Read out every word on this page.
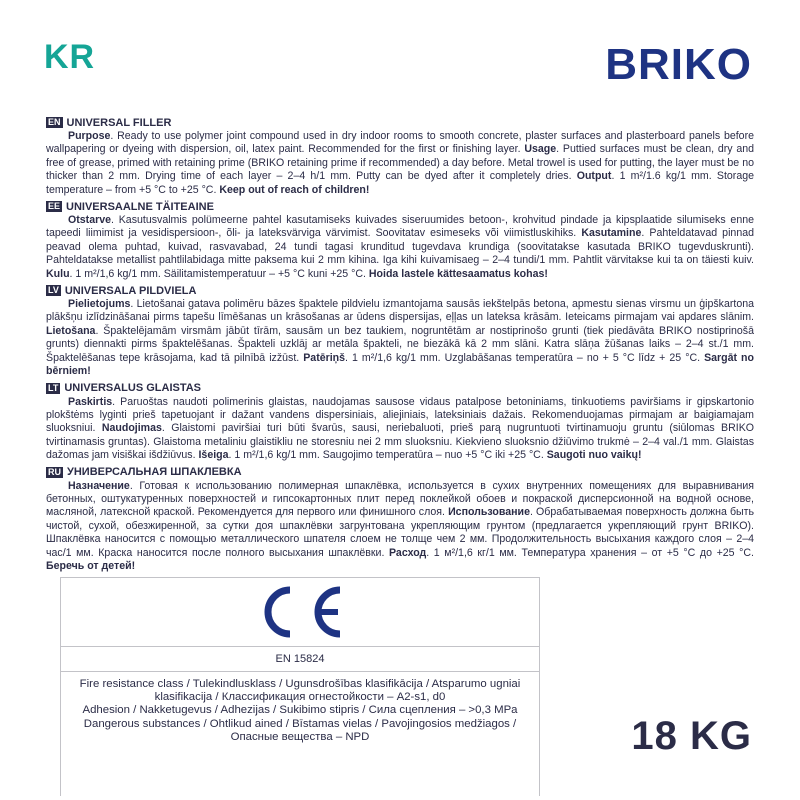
KR	BRIKO
EN UNIVERSAL FILLER
Purpose. Ready to use polymer joint compound used in dry indoor rooms to smooth concrete, plaster surfaces and plasterboard panels before wallpapering or dyeing with dispersion, oil, latex paint. Recommended for the first or finishing layer. Usage. Puttied surfaces must be clean, dry and free of grease, primed with retaining prime (BRIKO retaining prime if recommended) a day before. Metal trowel is used for putting, the layer must be no thicker than 2 mm. Drying time of each layer – 2–4 h/1 mm. Putty can be dyed after it completely dries. Output. 1 m²/1.6 kg/1 mm. Storage temperature – from +5 °C to +25 °C. Keep out of reach of children!
EE UNIVERSAALNE TÄITEAINE
Otstarve. Kasutusvalmis polümeerne pahtel kasutamiseks kuivades siseruumides betoon-, krohvitud pindade ja kipsplaatide silumiseks enne tapeedi liimimist ja vesidispersioon-, õli- ja lateksvärviga värvimist. Soovitatav esimeseks või viimistluskihiks. Kasutamine. Pahteldatavad pinnad peavad olema puhtad, kuivad, rasvavabad, 24 tundi tagasi krunditud tugevdava krundiga (soovitatakse kasutada BRIKO tugevduskrunti). Pahteldatakse metallist pahtlilabidaga mitte paksema kui 2 mm kihina. Iga kihi kuivamisaeg – 2–4 tundi/1 mm. Pahtlit värvitakse kui ta on täiesti kuiv. Kulu. 1 m²/1,6 kg/1 mm. Säilitamistemperatuur – +5 °C kuni +25 °C. Hoida lastele kättesaamatus kohas!
LV UNIVERSALA PILDVIELA
Pielietojums. Lietošanai gatava polimēru bāzes špaktele pildvielu izmantojama sausās iekštelpās betona, apmestu sienas virsmu un ģipškartona plākšņu izlīdzināšanai pirms tapešu līmēšanas un krāsošanas ar ūdens dispersijas, eļļas un lateksa krāsām. Ieteicams pirmajam vai apdares slānim. Lietošana. Špaktelējamām virsmām jābūt tīrām, sausām un bez taukiem, nogruntētām ar nostiprinošo grunti (tiek piedāvāta BRIKO nostiprinošā grunts) diennakti pirms špaktelēšanas. Špakteli uzklāj ar metāla špakteli, ne biezākā kā 2 mm slāni. Katra slāņa žūšanas laiks – 2–4 st./1 mm. Špaktelēšanas tepe krāsojama, kad tā pilnībā izžūst. Patēriņš. 1 m²/1,6 kg/1 mm. Uzglabāšanas temperatūra – no + 5 °C līdz + 25 °C. Sargāt no bērniem!
LT UNIVERSALUS GLAISTAS
Paskirtis. Paruoštas naudoti polimerinis glaistas, naudojamas sausose vidaus patalpose betoniniams, tinkuotiems paviršiams ir gipskartonio plokštėms lyginti prieš tapetuojant ir dažant vandens dispersiniais, aliejiniais, lateksiniais dažais. Rekomenduojamas pirmajam ar baigiamajam sluoksniui. Naudojimas. Glaistomi paviršiai turi būti švarūs, sausi, neriebaluoti, prieš parą nugruntuoti tvirtinamuoju gruntu (siūlomas BRIKO tvirtinamasis gruntas). Glaistoma metaliniu glaistikliu ne storesniu nei 2 mm sluoksniu. Kiekvieno sluoksnio džiūvimo trukmė – 2–4 val./1 mm. Glaistas dažomas jam visiškai išdžiūvus. Išeiga. 1 m²/1,6 kg/1 mm. Saugojimo temperatūra – nuo +5 °C iki +25 °C. Saugoti nuo vaikų!
RU УНИВЕРСАЛЬНАЯ ШПАКЛЕВКА
Назначение. Готовая к использованию полимерная шпаклёвка, используется в сухих внутренних помещениях для выравнивания бетонных, оштукатуренных поверхностей и гипсокартонных плит перед поклейкой обоев и покраской дисперсионной на водной основе, масляной, латексной краской. Рекомендуется для первого или финишного слоя. Использование. Обрабатываемая поверхность должна быть чистой, сухой, обезжиренной, за сутки доя шпаклёвки загрунтована укрепляющим грунтом (предлагается укрепляющий грунт BRIKO). Шпаклёвка наносится с помощью металлического шпателя слоем не толще чем 2 мм. Продолжительность высыхания каждого слоя – 2–4 час/1 мм. Краска наносится после полного высыхания шпаклёвки. Расход. 1 м²/1,6 кг/1 мм. Температура хранения – от +5 °C до +25 °C. Беречь от детей!
CE
EN 15824
Fire resistance class / Tulekindlusklass / Ugunsdrošības klasifikācija / Atsparumo ugniai
klasifikacija / Классификация огнестойкости – A2-s1, d0
Adhesion / Nakketugevus / Adhezijas / Sukibimo stipris / Сила сцепления – >0,3 MPa
Dangerous substances / Ohtlikud ained / Bīstamas vielas / Pavojingosios medžiagos /
Опасные вещества – NPD	18 KG
